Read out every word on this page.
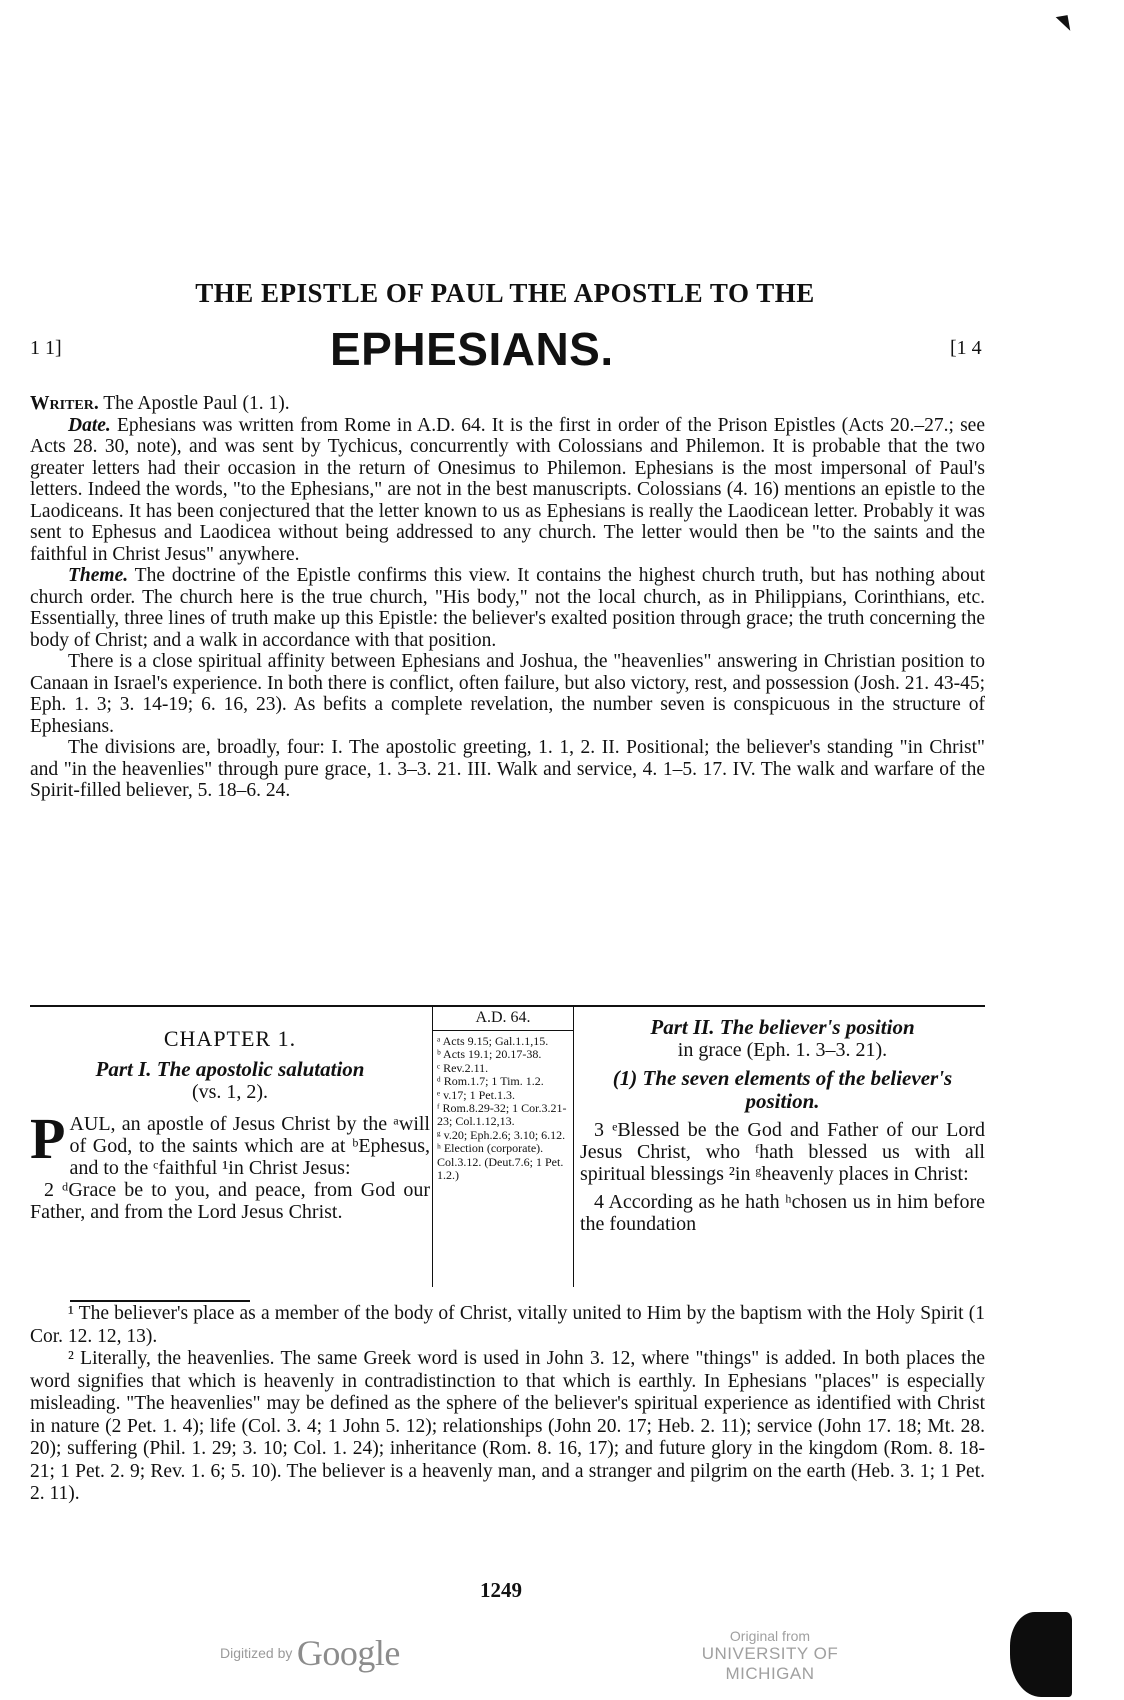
THE EPISTLE OF PAUL THE APOSTLE TO THE
1 1]	EPHESIANS.	[1 4

Writer. The Apostle Paul (1. 1).

Date. Ephesians was written from Rome in A.D. 64. It is the first in order of the Prison Epistles (Acts 20.–27.; see Acts 28. 30, note), and was sent by Tychicus, concurrently with Colossians and Philemon. It is probable that the two greater letters had their occasion in the return of Onesimus to Philemon. Ephesians is the most impersonal of Paul's letters. Indeed the words, "to the Ephesians," are not in the best manuscripts. Colossians (4. 16) mentions an epistle to the Laodiceans. It has been conjectured that the letter known to us as Ephesians is really the Laodicean letter. Probably it was sent to Ephesus and Laodicea without being addressed to any church. The letter would then be "to the saints and the faithful in Christ Jesus" anywhere.

Theme. The doctrine of the Epistle confirms this view. It contains the highest church truth, but has nothing about church order. The church here is the true church, "His body," not the local church, as in Philippians, Corinthians, etc. Essentially, three lines of truth make up this Epistle: the believer's exalted position through grace; the truth concerning the body of Christ; and a walk in accordance with that position.

There is a close spiritual affinity between Ephesians and Joshua, the "heavenlies" answering in Christian position to Canaan in Israel's experience. In both there is conflict, often failure, but also victory, rest, and possession (Josh. 21. 43-45; Eph. 1. 3; 3. 14-19; 6. 16, 23). As befits a complete revelation, the number seven is conspicuous in the structure of Ephesians.

The divisions are, broadly, four: I. The apostolic greeting, 1. 1, 2. II. Positional; the believer's standing "in Christ" and "in the heavenlies" through pure grace, 1. 3–3. 21. III. Walk and service, 4. 1–5. 17. IV. The walk and warfare of the Spirit-filled believer, 5. 18–6. 24.

CHAPTER 1.

Part I. The apostolic salutation
(vs. 1, 2).

P AUL, an apostle of Jesus Christ by the ᵃwill of God, to the saints which are at ᵇEphesus, and to the ᶜfaithful ¹in Christ Jesus:

2 ᵈGrace be to you, and peace, from God our Father, and from the Lord Jesus Christ.

A.D. 64.
ᵃ Acts 9.15; Gal.1.1,15.
ᵇ Acts 19.1; 20.17-38.
ᶜ Rev.2.11.
ᵈ Rom.1.7; 1 Tim. 1.2.
ᵉ v.17; 1 Pet.1.3.
ᶠ Rom.8.29-32; 1 Cor.3.21-23; Col.1.12,13.
ᵍ v.20; Eph.2.6; 3.10; 6.12.
ʰ Election (corporate). Col.3.12. (Deut.7.6; 1 Pet. 1.2.)

Part II. The believer's position
in grace (Eph. 1. 3–3. 21).

(1) The seven elements of the believer's position.

3 ᵉBlessed be the God and Father of our Lord Jesus Christ, who ᶠhath blessed us with all spiritual blessings ²in ᵍheavenly places in Christ:

4 According as he hath ʰchosen us in him before the foundation

¹ The believer's place as a member of the body of Christ, vitally united to Him by the baptism with the Holy Spirit (1 Cor. 12. 12, 13).

² Literally, the heavenlies. The same Greek word is used in John 3. 12, where "things" is added. In both places the word signifies that which is heavenly in contradistinction to that which is earthly. In Ephesians "places" is especially misleading. "The heavenlies" may be defined as the sphere of the believer's spiritual experience as identified with Christ in nature (2 Pet. 1. 4); life (Col. 3. 4; 1 John 5. 12); relationships (John 20. 17; Heb. 2. 11); service (John 17. 18; Mt. 28. 20); suffering (Phil. 1. 29; 3. 10; Col. 1. 24); inheritance (Rom. 8. 16, 17); and future glory in the kingdom (Rom. 8. 18-21; 1 Pet. 2. 9; Rev. 1. 6; 5. 10). The believer is a heavenly man, and a stranger and pilgrim on the earth (Heb. 3. 1; 1 Pet. 2. 11).

1249
Digitized by Google	Original from
UNIVERSITY OF MICHIGAN
